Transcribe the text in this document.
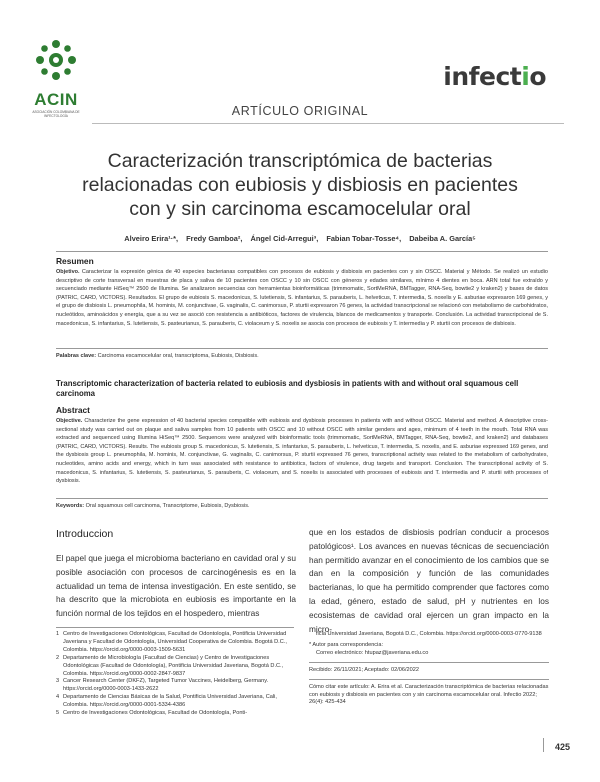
ACIN
ASOCIACIÓN COLOMBIANA DE INFECTOLOGÍA
infectio
ARTÍCULO ORIGINAL
Caracterización transcriptómica de bacterias
relacionadas con eubiosis y disbiosis en pacientes
con y sin carcinoma escamocelular oral
Alveiro Erira¹·*, Fredy Gamboa², Ángel Cid-Arregui³, Fabian Tobar-Tosse⁴, Dabeiba A. García⁵
Resumen
Objetivo. Caracterizar la expresión génica de 40 especies bacterianas compatibles con procesos de eubiosis y disbiosis en pacientes con y sin OSCC. Material y Método. Se realizó un estudio descriptivo de corte transversal en muestras de placa y saliva de 10 pacientes con OSCC y 10 sin OSCC con géneros y edades similares, mínimo 4 dientes en boca. ARN total fue extraído y secuenciado mediante HiSeq™ 2500 de Illumina. Se analizaron secuencias con herramientas bioinformáticas (trimmomatic, SortMeRNA, BMTagger, RNA-Seq, bowtie2 y kraken2) y bases de datos (PATRIC, CARD, VICTORS). Resultados. El grupo de eubiosis S. macedonicus, S. lutetiensis, S. infantarius, S. parauberis, L. helveticus, T. intermedia, S. noxelis y E. asburiae expresaron 169 genes, y el grupo de disbiosis L. pneumophila, M. hominis, M. conjunctivae, G. vaginalis, C. canimorsus, P. sturtii expresaron 76 genes, la actividad transcripcional se relacionó con metabolismo de carbohidratos, nucleótidos, aminoácidos y energía, que a su vez se asoció con resistencia a antibióticos, factores de virulencia, blancos de medicamentos y transporte. Conclusión. La actividad transcripcional de S. macedonicus, S. infantarius, S. lutetiensis, S. pasteurianus, S. parauberis, C. violaceum y S. noxelis se asocia con procesos de eubiosis y T. intermedia y P. sturtii con procesos de disbiosis.
Palabras clave: Carcinoma escamocelular oral, transcriptoma, Eubiosis, Disbiosis.
Transcriptomic characterization of bacteria related to eubiosis and dysbiosis in patients with and without oral squamous cell carcinoma
Abstract
Objective. Characterize the gene expression of 40 bacterial species compatible with eubiosis and dysbiosis processes in patients with and without OSCC. Material and method. A descriptive cross-sectional study was carried out on plaque and saliva samples from 10 patients with OSCC and 10 without OSCC with similar genders and ages, minimum of 4 teeth in the mouth. Total RNA was extracted and sequenced using Illumina HiSeq™ 2500. Sequences were analyzed with bioinformatic tools (trimmomatic, SortMeRNA, BMTagger, RNA-Seq, bowtie2, and kraken2) and databases (PATRIC, CARD, VICTORS). Results. The eubiosis group S. macedonicus, S. lutetiensis, S. infantarius, S. parauberis, L. helveticus, T. intermedia, S. noxelis, and E. asburiae expressed 169 genes, and the dysbiosis group L. pneumophila, M. hominis, M. conjunctivae, G. vaginalis, C. canimorsus, P. sturtii expressed 76 genes, transcriptional activity was related to the metabolism of carbohydrates, nucleotides, amino acids and energy, which in turn was associated with resistance to antibiotics, factors of virulence, drug targets and transport. Conclusion. The transcriptional activity of S. macedonicus, S. infantarius, S. lutetiensis, S. pasteurianus, S. parauberis, C. violaceum, and S. noxelis is associated with processes of eubiosis and T. intermedia and P. sturtii with processes of dysbiosis.
Keywords: Oral squamous cell carcinoma, Transcriptome, Eubiosis, Dysbiosis.
Introduccion
El papel que juega el microbioma bacteriano en cavidad oral y su posible asociación con procesos de carcinogénesis es en la actualidad un tema de intensa investigación. En este sentido, se ha descrito que la microbiota en eubiosis es importante en la función normal de los tejidos en el hospedero, mientras
que en los estados de disbiosis podrían conducir a procesos patológicos¹. Los avances en nuevas técnicas de secuenciación han permitido avanzar en el conocimiento de los cambios que se dan en la composición y función de las comunidades bacterianas, lo que ha permitido comprender que factores como la edad, género, estado de salud, pH y nutrientes en los ecosistemas de cavidad oral ejercen un gran impacto en la micro-
1 Centro de Investigaciones Odontológicas, Facultad de Odontología, Pontificia Universidad Javeriana y Facultad de Odontología, Universidad Cooperativa de Colombia. Bogotá D.C., Colombia. https://orcid.org/0000-0003-1509-5631
2 Departamento de Microbiología (Facultad de Ciencias) y Centro de Investigaciones Odontológicas (Facultad de Odontología), Pontificia Universidad Javeriana, Bogotá D.C., Colombia. https://orcid.org/0000-0002-2847-9837
3 Cancer Research Center (DKFZ), Targeted Tumor Vaccines, Heidelberg, Germany. https://orcid.org/0000-0003-1433-2622
4 Departamento de Ciencias Básicas de la Salud, Pontificia Universidad Javeriana, Cali, Colombia. https://orcid.org/0000-0001-5334-4386
5 Centro de Investigaciones Odontológicas, Facultad de Odontología, Ponti-
ficia Universidad Javeriana, Bogotá D.C., Colombia. https://orcid.org/0000-0003-0770-9138
* Autor para correspondencia:
Correo electrónico: htupaz@javeriana.edu.co
Recibido: 26/11/2021; Aceptado: 02/06/2022
Cómo citar este artículo: A. Erira et al. Caracterización transcriptómica de bacterias relacionadas con eubiosis y disbiosis en pacientes con y sin carcinoma escamocelular oral. Infectio 2022; 26(4): 425-434
425
